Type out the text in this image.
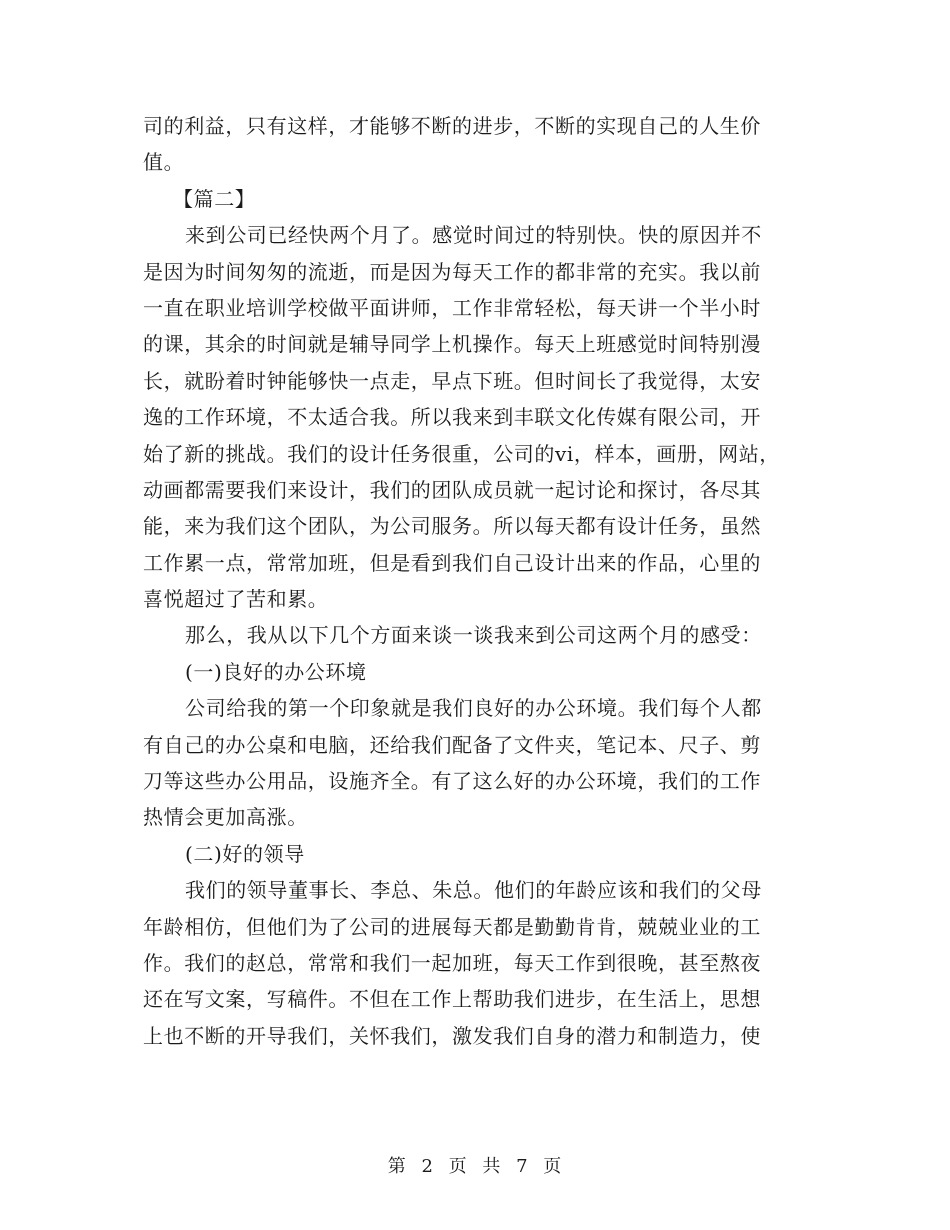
司的利益，只有这样，才能够不断的进步，不断的实现自己的人生价
值。
【篇二】
来到公司已经快两个月了。感觉时间过的特别快。快的原因并不
是因为时间匆匆的流逝，而是因为每天工作的都非常的充实。我以前
一直在职业培训学校做平面讲师，工作非常轻松，每天讲一个半小时
的课，其余的时间就是辅导同学上机操作。每天上班感觉时间特别漫
长，就盼着时钟能够快一点走，早点下班。但时间长了我觉得，太安
逸的工作环境，不太适合我。所以我来到丰联文化传媒有限公司，开
始了新的挑战。我们的设计任务很重，公司的vi，样本，画册，网站，
动画都需要我们来设计，我们的团队成员就一起讨论和探讨，各尽其
能，来为我们这个团队，为公司服务。所以每天都有设计任务，虽然
工作累一点，常常加班，但是看到我们自己设计出来的作品，心里的
喜悦超过了苦和累。
那么，我从以下几个方面来谈一谈我来到公司这两个月的感受：
(一)良好的办公环境
公司给我的第一个印象就是我们良好的办公环境。我们每个人都
有自己的办公桌和电脑，还给我们配备了文件夹，笔记本、尺子、剪
刀等这些办公用品，设施齐全。有了这么好的办公环境，我们的工作
热情会更加高涨。
(二)好的领导
我们的领导董事长、李总、朱总。他们的年龄应该和我们的父母
年龄相仿，但他们为了公司的进展每天都是勤勤肯肯，兢兢业业的工
作。我们的赵总，常常和我们一起加班，每天工作到很晚，甚至熬夜
还在写文案，写稿件。不但在工作上帮助我们进步，在生活上，思想
上也不断的开导我们，关怀我们，激发我们自身的潜力和制造力，使
第 2 页 共 7 页
